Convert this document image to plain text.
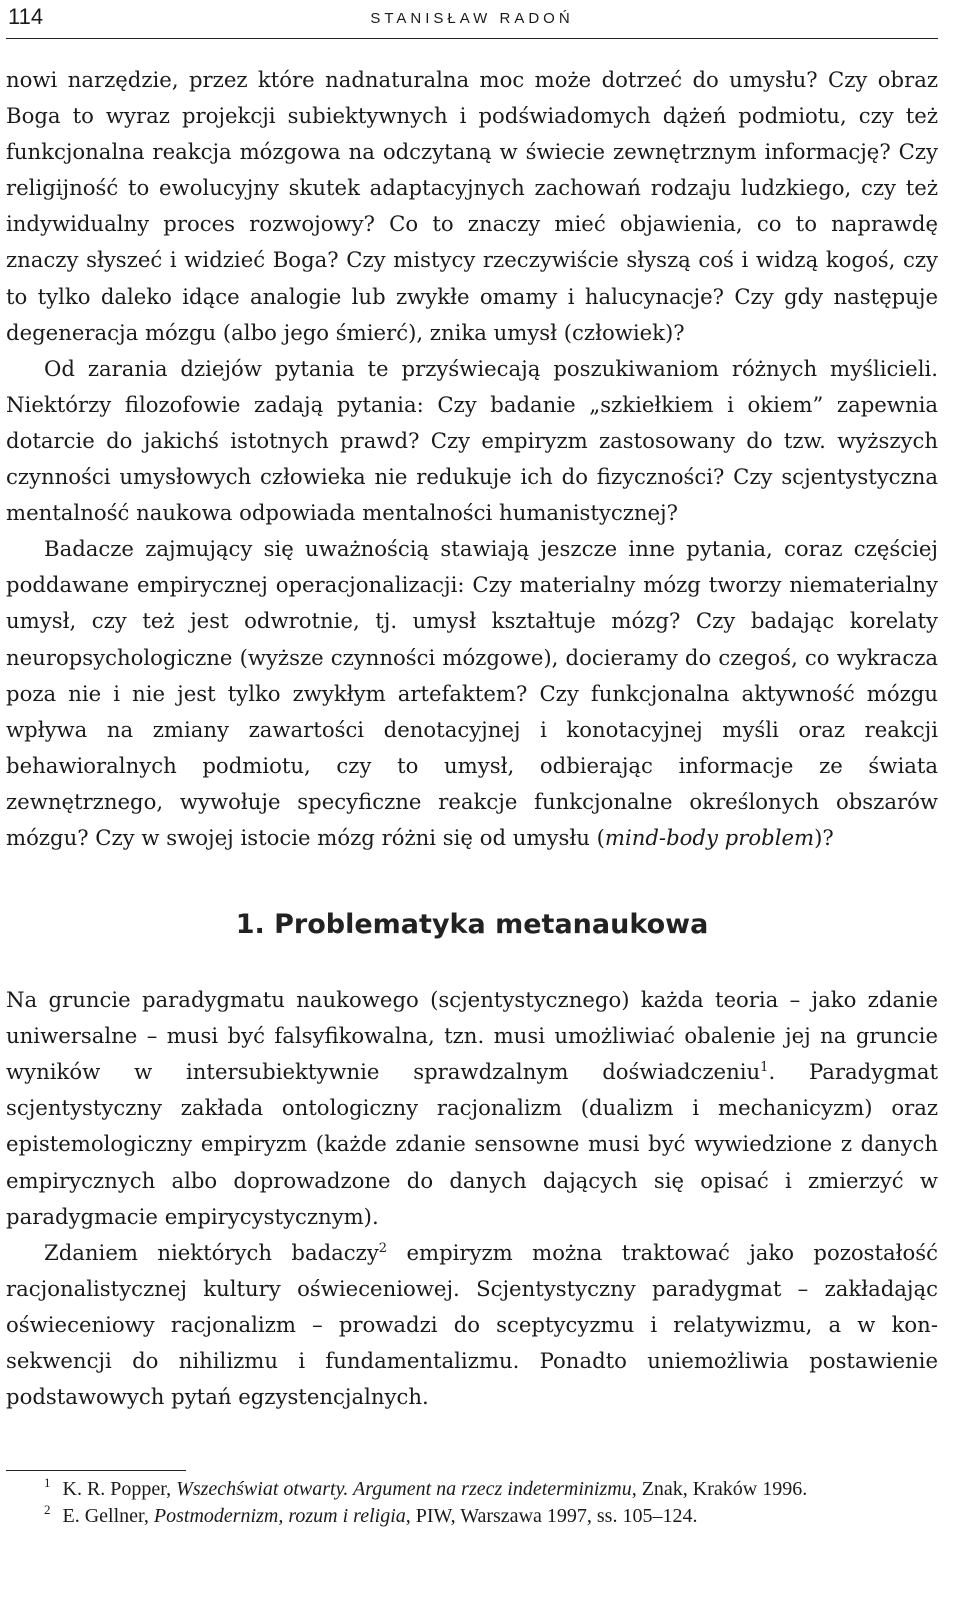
114	STANISŁAW RADOŃ

nowi narzędzie, przez które nadnaturalna moc może dotrzeć do umysłu? Czy obraz Boga to wyraz projekcji subiektywnych i podświadomych dążeń podmiotu, czy też funkcjonalna reakcja mózgowa na odczytaną w świecie zewnętrznym informację? Czy religijność to ewolucyjny skutek adaptacyjnych zachowań rodzaju ludzkiego, czy też indywidualny proces rozwojowy? Co to znaczy mieć objawienia, co to naprawdę znaczy słyszeć i widzieć Boga? Czy mistycy rzeczywiście słyszą coś i widzą kogoś, czy to tylko daleko idące analogie lub zwykłe omamy i halucynacje? Czy gdy następuje degeneracja mózgu (albo jego śmierć), znika umysł (człowiek)?

Od zarania dziejów pytania te przyświecają poszukiwaniom różnych myślicieli. Niektórzy filozofowie zadają pytania: Czy badanie „szkiełkiem i okiem” zapewnia dotarcie do jakichś istotnych prawd? Czy empiryzm zastosowany do tzw. wyższych czynności umysłowych człowieka nie redukuje ich do fizyczności? Czy scjentystyczna mentalność naukowa odpowiada mentalności humanistycznej?

Badacze zajmujący się uważnością stawiają jeszcze inne pytania, coraz częściej poddawane empirycznej operacjonalizacji: Czy materialny mózg tworzy niematerialny umysł, czy też jest odwrotnie, tj. umysł kształtuje mózg? Czy badając korelaty neuropsychologiczne (wyższe czynności mózgowe), docieramy do czegoś, co wykracza poza nie i nie jest tylko zwykłym artefaktem? Czy funkcjonalna aktywność mózgu wpływa na zmiany zawartości denotacyjnej i konotacyjnej myśli oraz reakcji behawioralnych podmiotu, czy to umysł, odbierając informacje ze świata zewnętrznego, wywołuje specyficzne reakcje funkcjonalne określonych obszarów mózgu? Czy w swojej istocie mózg różni się od umysłu (mind-body problem)?

1. Problematyka metanaukowa

Na gruncie paradygmatu naukowego (scjentystycznego) każda teoria – jako zdanie uniwersalne – musi być falsyfikowalna, tzn. musi umożliwiać obalenie jej na gruncie wyników w intersubiektywnie sprawdzalnym doświadczeniu$^1$. Paradygmat scjentystyczny zakłada ontologiczny racjonalizm (dualizm i mechanicyzm) oraz epistemologiczny empiryzm (każde zdanie sensowne musi być wywiedzione z danych empirycznych albo doprowadzone do danych dających się opisać i zmierzyć w paradygmacie empirycystycznym).

Zdaniem niektórych badaczy$^2$ empiryzm można traktować jako pozostałość racjonalistycznej kultury oświeceniowej. Scjentystyczny paradygmat – zakładając oświeceniowy racjonalizm – prowadzi do sceptycyzmu i relatywizmu, a w konsekwencji do nihilizmu i fundamentalizmu. Ponadto uniemożliwia postawienie podstawowych pytań egzystencjalnych.

$^1$ K. R. Popper, Wszechświat otwarty. Argument na rzecz indeterminizmu, Znak, Kraków 1996.

$^2$ E. Gellner, Postmodernizm, rozum i religia, PIW, Warszawa 1997, ss. 105–124.
